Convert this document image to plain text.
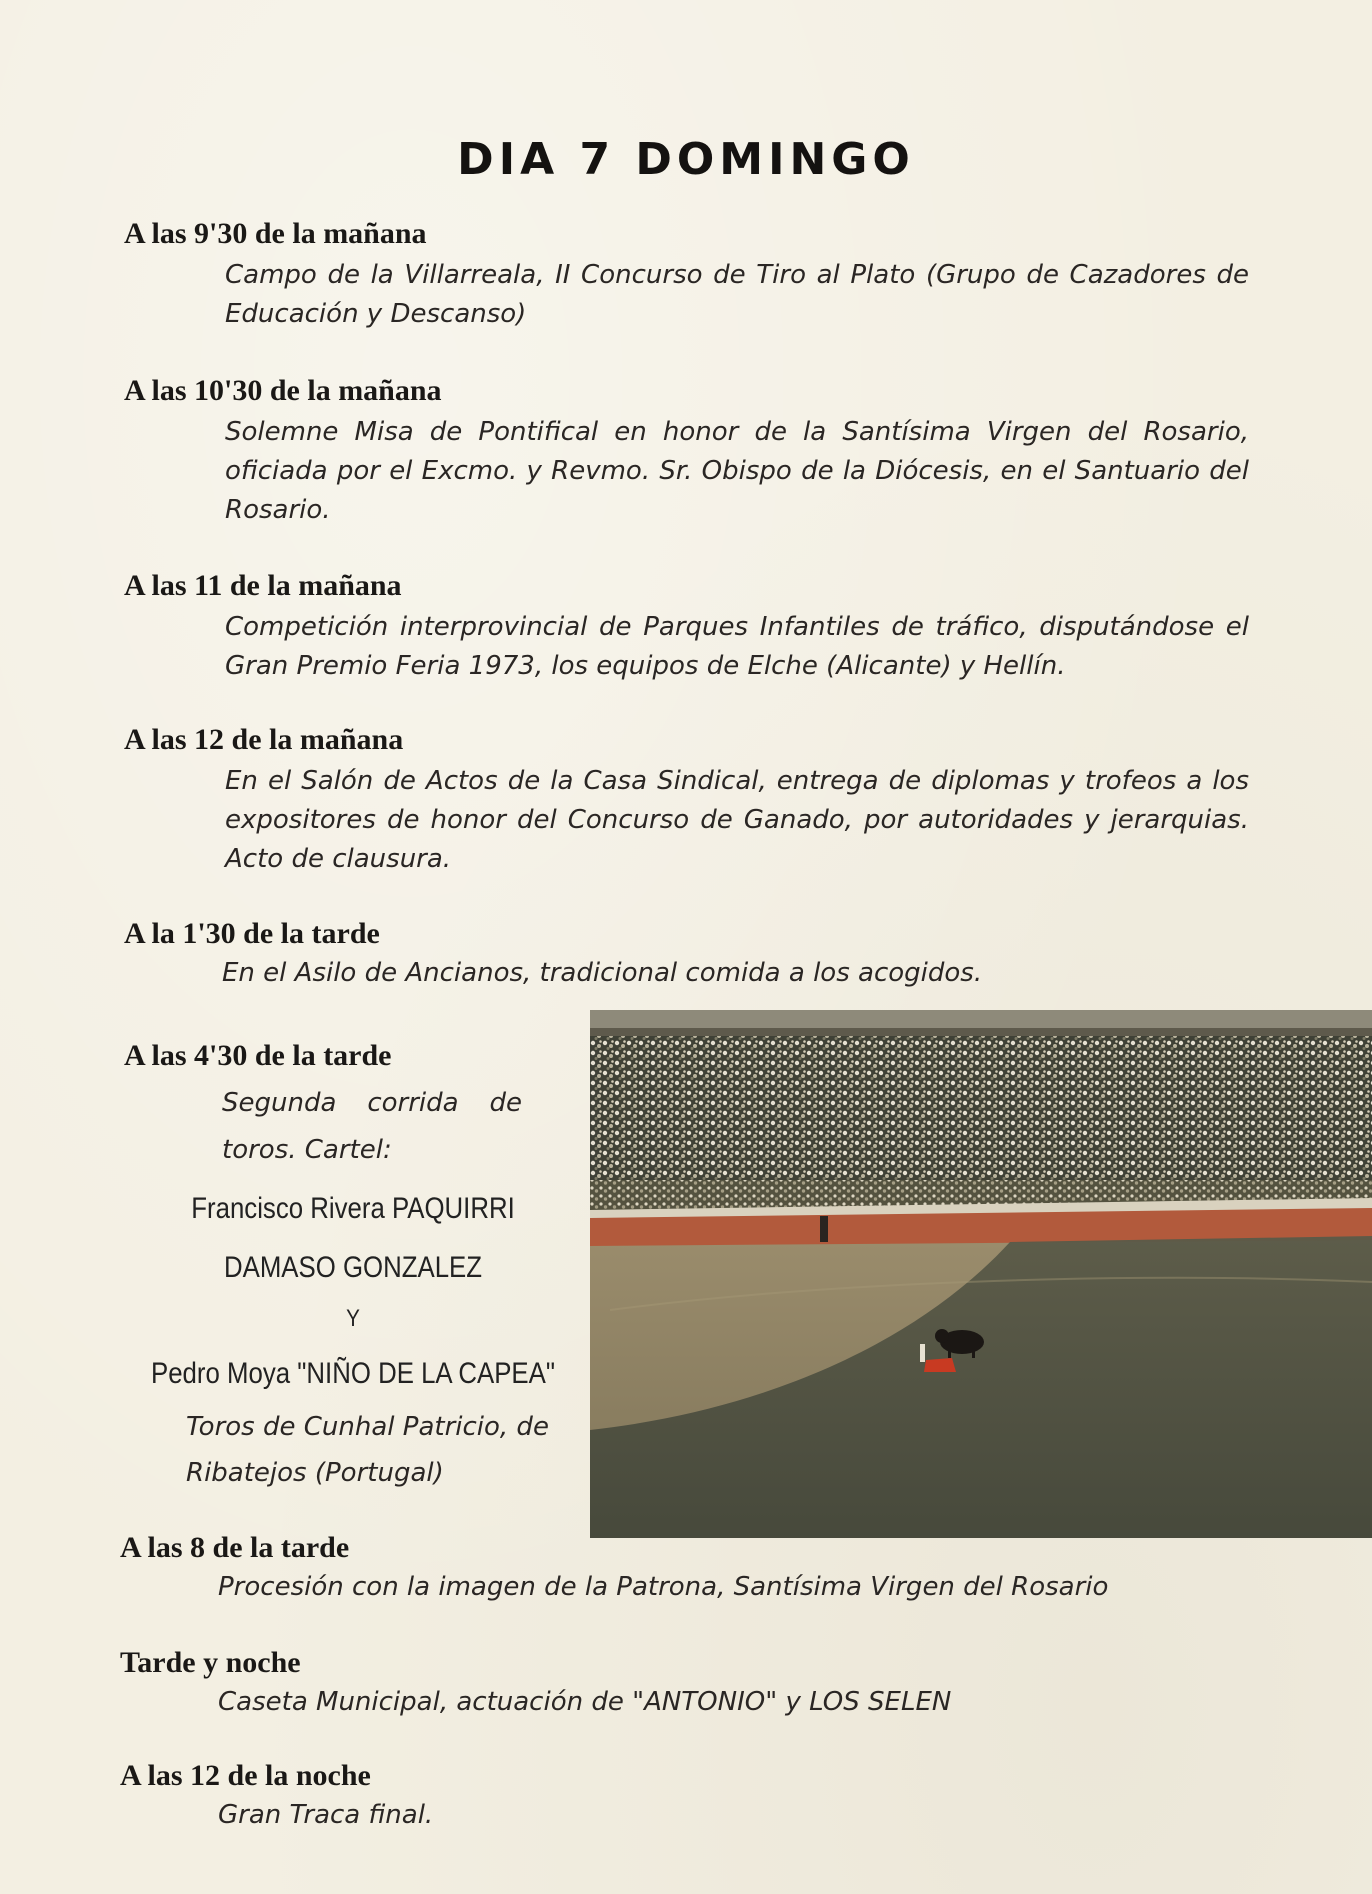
DIA 7 DOMINGO
A las 9'30 de la mañana
Campo de la Villarreala, II Concurso de Tiro al Plato (Grupo de Cazadores de Educación y Descanso)
A las 10'30 de la mañana
Solemne Misa de Pontifical en honor de la Santísima Virgen del Rosario, oficiada por el Excmo. y Revmo. Sr. Obispo de la Diócesis, en el Santuario del Rosario.
A las 11 de la mañana
Competición interprovincial de Parques Infantiles de tráfico, disputándose el Gran Premio Feria 1973, los equipos de Elche (Alicante) y Hellín.
A las 12 de la mañana
En el Salón de Actos de la Casa Sindical, entrega de diplomas y trofeos a los expositores de honor del Concurso de Ganado, por autoridades y jerarquias. Acto de clausura.
A la 1'30 de la tarde
En el Asilo de Ancianos, tradicional comida a los acogidos.
A las 4'30 de la tarde
Segunda corrida de toros. Cartel:
Francisco Rivera PAQUIRRI
DAMASO GONZALEZ
Y
Pedro Moya "NIÑO DE LA CAPEA"
Toros de Cunhal Patricio, de Ribatejos (Portugal)
A las 8 de la tarde
Procesión con la imagen de la Patrona, Santísima Virgen del Rosario
Tarde y noche
Caseta Municipal, actuación de "ANTONIO" y LOS SELEN
A las 12 de la noche
Gran Traca final.
